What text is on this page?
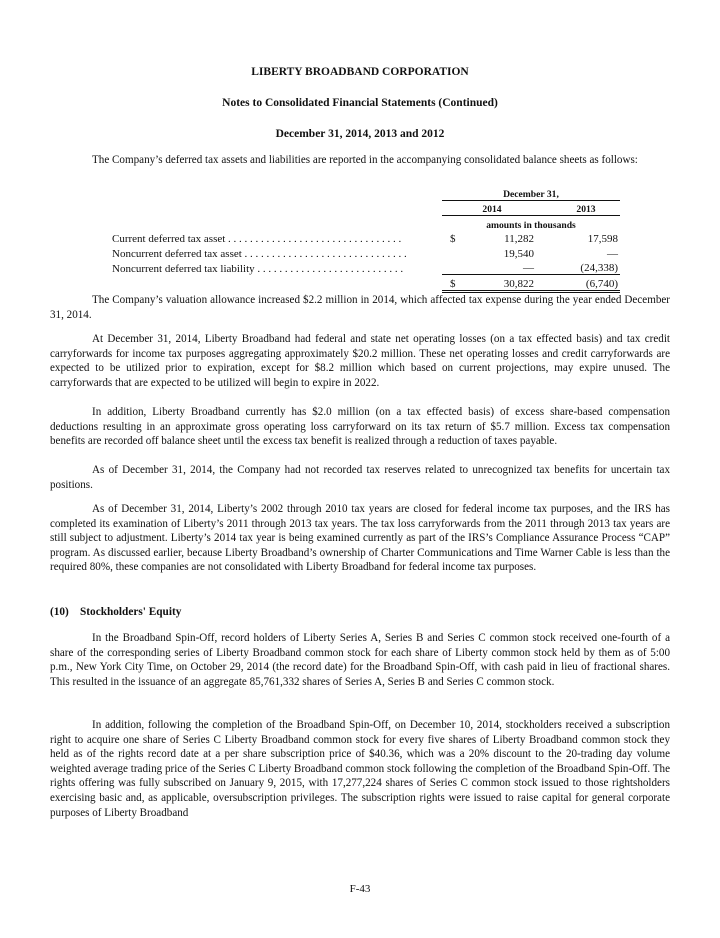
LIBERTY BROADBAND CORPORATION
Notes to Consolidated Financial Statements (Continued)
December 31, 2014, 2013 and 2012

The Company’s deferred tax assets and liabilities are reported in the accompanying consolidated balance sheets as follows:

	December 31,		
	2014		2013
	amounts in thousands		
Current deferred tax asset . . . . . . . . . . . . . . . . . . . . . . . . . . . . . . . .	$	11,282	17,598
Noncurrent deferred tax asset . . . . . . . . . . . . . . . . . . . . . . . . . . . . . .		19,540	—
Noncurrent deferred tax liability . . . . . . . . . . . . . . . . . . . . . . . . . . .		—	(24,338)
	$	30,822	(6,740)

The Company’s valuation allowance increased $2.2 million in 2014, which affected tax expense during the year ended December 31, 2014.

At December 31, 2014, Liberty Broadband had federal and state net operating losses (on a tax effected basis) and tax credit carryforwards for income tax purposes aggregating approximately $20.2 million. These net operating losses and credit carryforwards are expected to be utilized prior to expiration, except for $8.2 million which based on current projections, may expire unused. The carryforwards that are expected to be utilized will begin to expire in 2022.

In addition, Liberty Broadband currently has $2.0 million (on a tax effected basis) of excess share-based compensation deductions resulting in an approximate gross operating loss carryforward on its tax return of $5.7 million. Excess tax compensation benefits are recorded off balance sheet until the excess tax benefit is realized through a reduction of taxes payable.

As of December 31, 2014, the Company had not recorded tax reserves related to unrecognized tax benefits for uncertain tax positions.

As of December 31, 2014, Liberty’s 2002 through 2010 tax years are closed for federal income tax purposes, and the IRS has completed its examination of Liberty’s 2011 through 2013 tax years. The tax loss carryforwards from the 2011 through 2013 tax years are still subject to adjustment. Liberty’s 2014 tax year is being examined currently as part of the IRS’s Compliance Assurance Process “CAP” program. As discussed earlier, because Liberty Broadband’s ownership of Charter Communications and Time Warner Cable is less than the required 80%, these companies are not consolidated with Liberty Broadband for federal income tax purposes.

(10) Stockholders' Equity

In the Broadband Spin-Off, record holders of Liberty Series A, Series B and Series C common stock received one-fourth of a share of the corresponding series of Liberty Broadband common stock for each share of Liberty common stock held by them as of 5:00 p.m., New York City Time, on October 29, 2014 (the record date) for the Broadband Spin-Off, with cash paid in lieu of fractional shares. This resulted in the issuance of an aggregate 85,761,332 shares of Series A, Series B and Series C common stock.

In addition, following the completion of the Broadband Spin-Off, on December 10, 2014, stockholders received a subscription right to acquire one share of Series C Liberty Broadband common stock for every five shares of Liberty Broadband common stock they held as of the rights record date at a per share subscription price of $40.36, which was a 20% discount to the 20-trading day volume weighted average trading price of the Series C Liberty Broadband common stock following the completion of the Broadband Spin-Off. The rights offering was fully subscribed on January 9, 2015, with 17,277,224 shares of Series C common stock issued to those rightsholders exercising basic and, as applicable, oversubscription privileges. The subscription rights were issued to raise capital for general corporate purposes of Liberty Broadband

F-43
